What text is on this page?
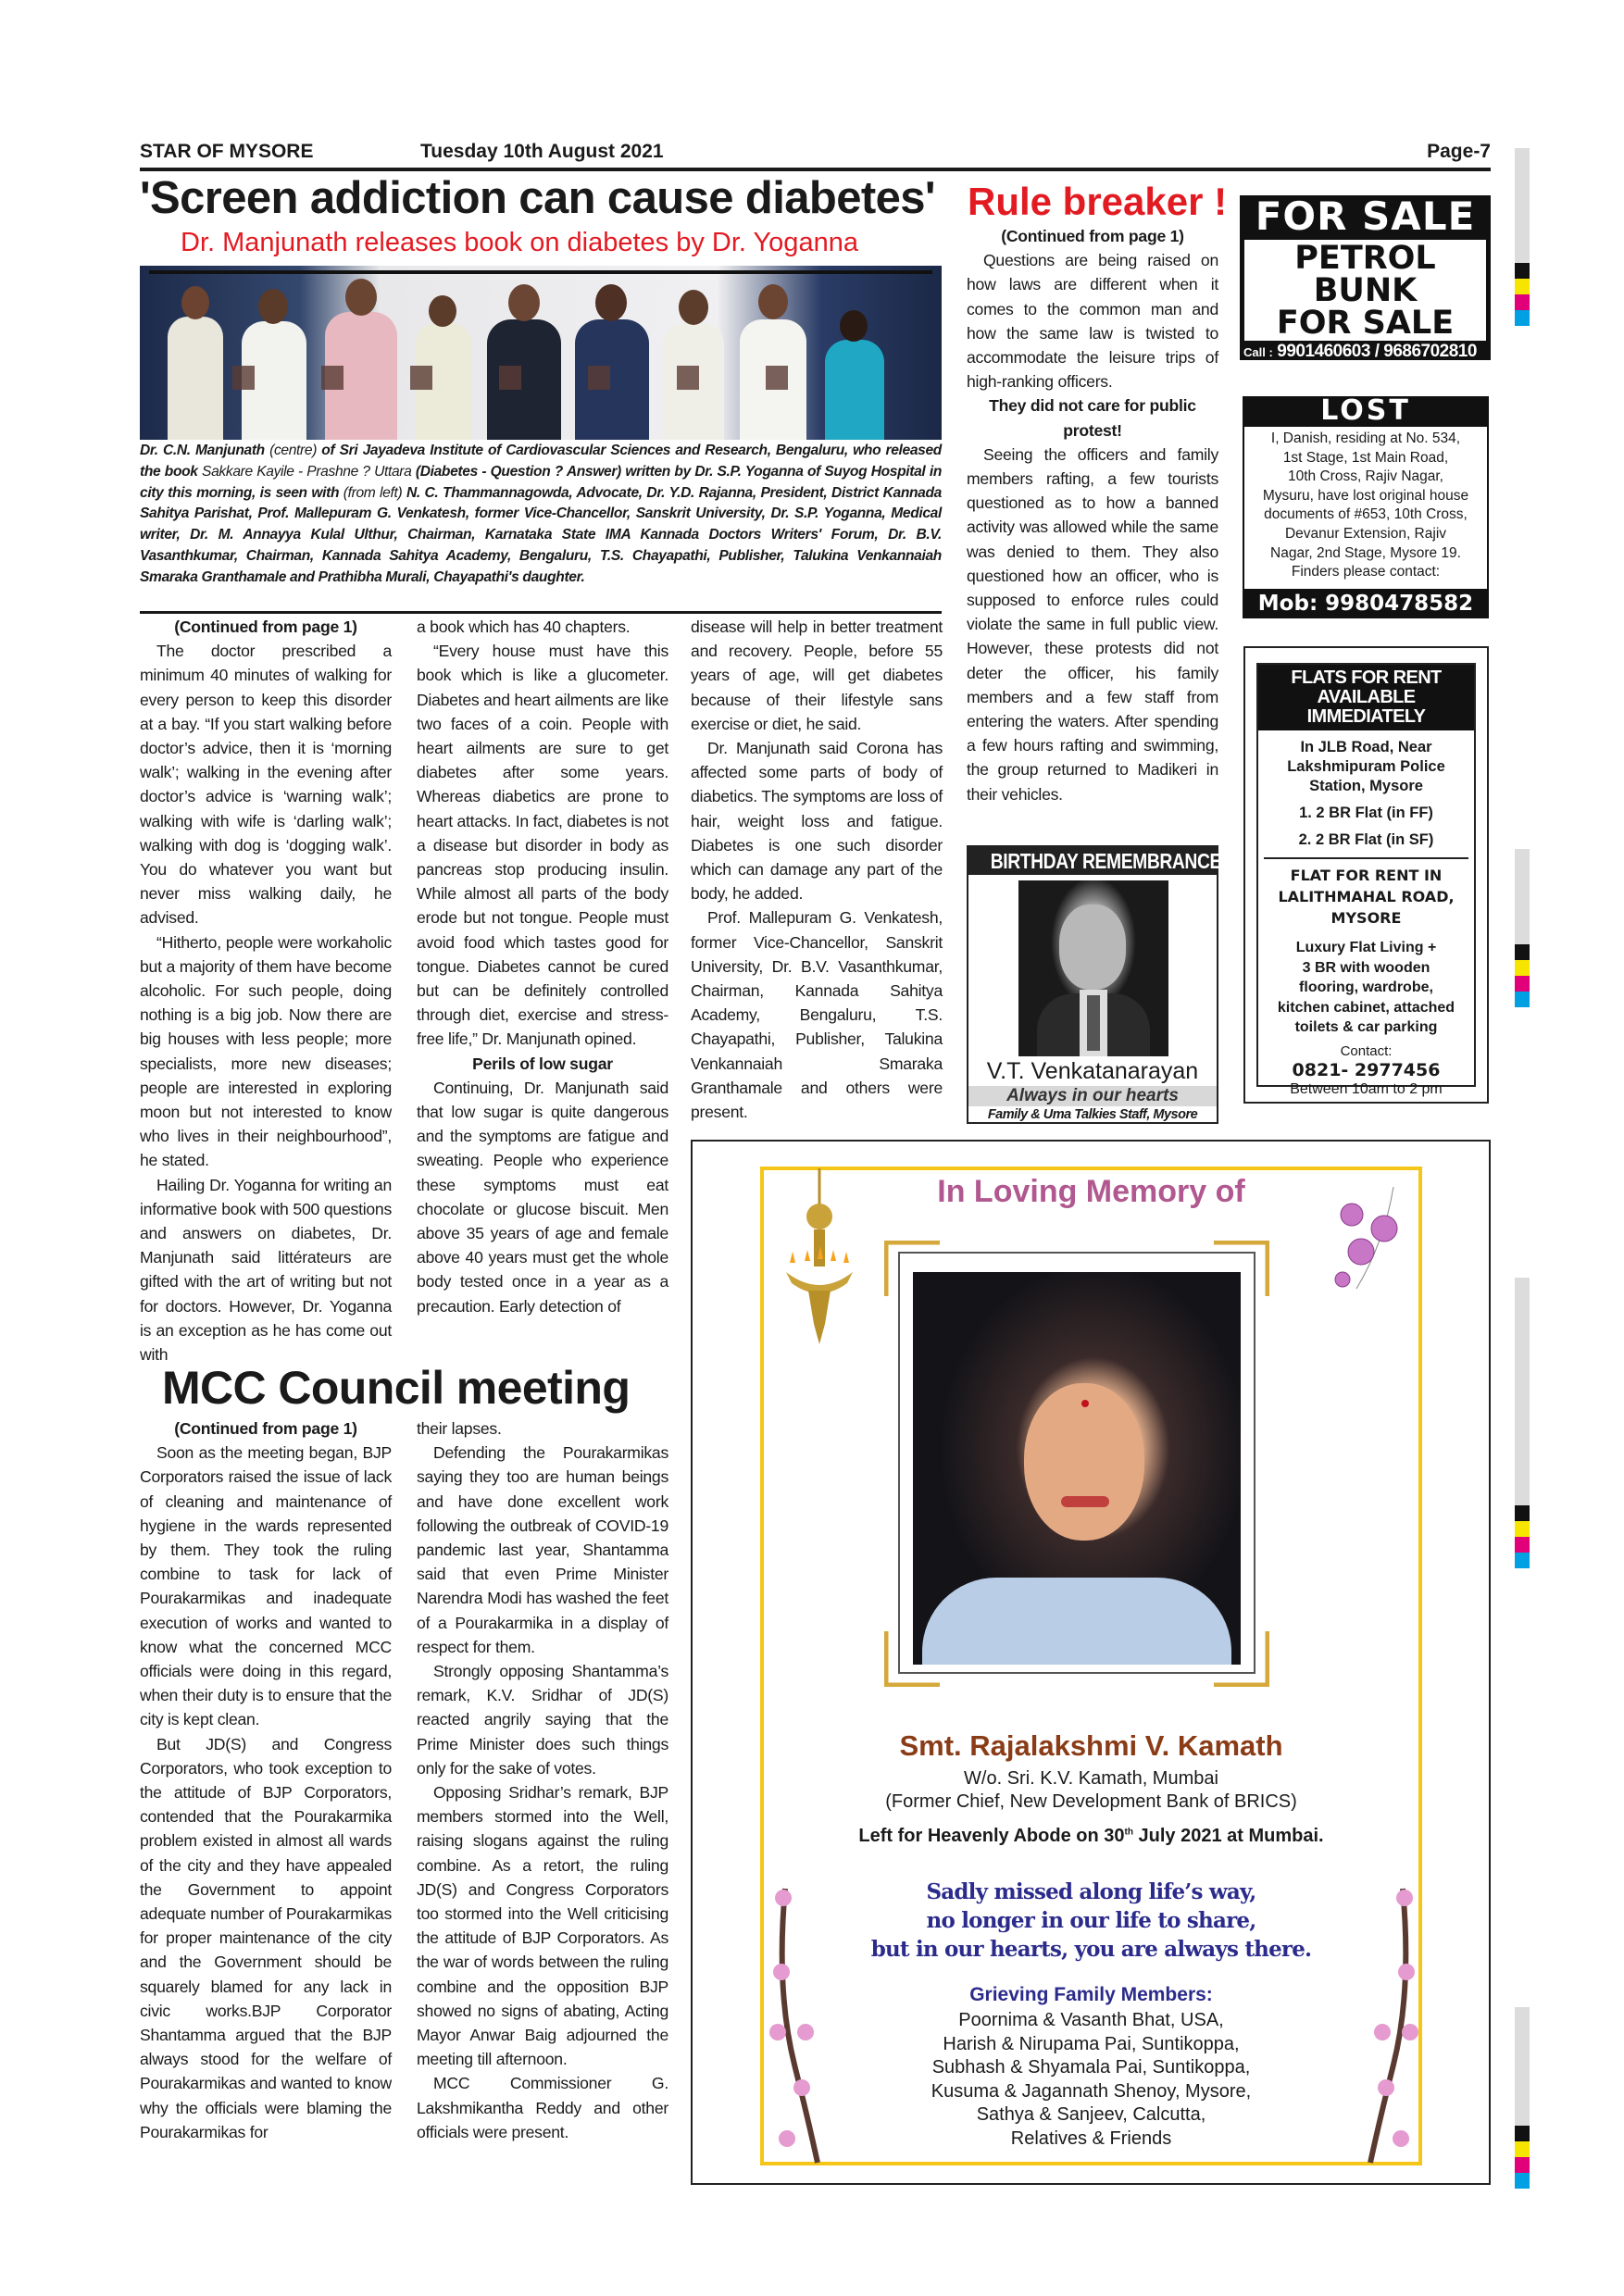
STAR OF MYSORE	Tuesday 10th August 2021	Page-7
'Screen addiction can cause diabetes'
Dr. Manjunath releases book on diabetes by Dr. Yoganna
Dr. C.N. Manjunath (centre) of Sri Jayadeva Institute of Cardiovascular Sciences and Research, Bengaluru, who released the book Sakkare Kayile - Prashne ? Uttara (Diabetes - Question ? Answer) written by Dr. S.P. Yoganna of Suyog Hospital in city this morning, is seen with (from left) N. C. Thammannagowda, Advocate, Dr. Y.D. Rajanna, President, District Kannada Sahitya Parishat, Prof. Mallepuram G. Venkatesh, former Vice-Chancellor, Sanskrit University, Dr. S.P. Yoganna, Medical writer, Dr. M. Annayya Kulal Ulthur, Chairman, Karnataka State IMA Kannada Doctors Writers' Forum, Dr. B.V. Vasanthkumar, Chairman, Kannada Sahitya Academy, Bengaluru, T.S. Chayapathi, Publisher, Talukina Venkannaiah Smaraka Granthamale and Prathibha Murali, Chayapathi's daughter.

(Continued from page 1)

The doctor prescribed a minimum 40 minutes of walking for every person to keep this disorder at a bay. “If you start walking before doctor’s advice, then it is ‘morning walk’; walking in the evening after doctor’s advice is ‘warning walk’; walking with wife is ‘darling walk’; walking with dog is ‘dogging walk’. You do whatever you want but never miss walking daily, he advised.

“Hitherto, people were workaholic but a majority of them have become alcoholic. For such people, doing nothing is a big job. Now there are big houses with less people; more specialists, more new diseases; people are interested in exploring moon but not interested to know who lives in their neighbourhood”, he stated.

Hailing Dr. Yoganna for writing an informative book with 500 questions and answers on diabetes, Dr. Manjunath said littérateurs are gifted with the art of writing but not for doctors. However, Dr. Yoganna is an exception as he has come out with

a book which has 40 chapters.

“Every house must have this book which is like a glucometer. Diabetes and heart ailments are like two faces of a coin. People with heart ailments are sure to get diabetes after some years. Whereas diabetics are prone to heart attacks. In fact, diabetes is not a disease but disorder in body as pancreas stop producing insulin. While almost all parts of the body erode but not tongue. People must avoid food which tastes good for tongue. Diabetes cannot be cured but can be definitely controlled through diet, exercise and stress-free life,” Dr. Manjunath opined.

Perils of low sugar

Continuing, Dr. Manjunath said that low sugar is quite dangerous and the symptoms are fatigue and sweating. People who experience these symptoms must eat chocolate or glucose biscuit. Men above 35 years of age and female above 40 years must get the whole body tested once in a year as a precaution. Early detection of

disease will help in better treatment and recovery. People, before 55 years of age, will get diabetes because of their lifestyle sans exercise or diet, he said.

Dr. Manjunath said Corona has affected some parts of body of diabetics. The symptoms are loss of hair, weight loss and fatigue. Diabetes is one such disorder which can damage any part of the body, he added.

Prof. Mallepuram G. Venkatesh, former Vice-Chancellor, Sanskrit University, Dr. B.V. Vasanthkumar, Chairman, Kannada Sahitya Academy, Bengaluru, T.S. Chayapathi, Publisher, Talukina Venkannaiah Smaraka Granthamale and others were present.

MCC Council meeting

(Continued from page 1)

Soon as the meeting began, BJP Corporators raised the issue of lack of cleaning and maintenance of hygiene in the wards represented by them. They took the ruling combine to task for lack of Pourakarmikas and inadequate execution of works and wanted to know what the concerned MCC officials were doing in this regard, when their duty is to ensure that the city is kept clean.

But JD(S) and Congress Corporators, who took exception to the attitude of BJP Corporators, contended that the Pourakarmika problem existed in almost all wards of the city and they have appealed the Government to appoint adequate number of Pourakarmikas for proper maintenance of the city and the Government should be squarely blamed for any lack in civic works.BJP Corporator Shantamma argued that the BJP always stood for the welfare of Pourakarmikas and wanted to know why the officials were blaming the Pourakarmikas for

their lapses.

Defending the Pourakarmikas saying they too are human beings and have done excellent work following the outbreak of COVID-19 pandemic last year, Shantamma said that even Prime Minister Narendra Modi has washed the feet of a Pourakarmika in a display of respect for them.

Strongly opposing Shantamma’s remark, K.V. Sridhar of JD(S) reacted angrily saying that the Prime Minister does such things only for the sake of votes.

Opposing Sridhar’s remark, BJP members stormed into the Well, raising slogans against the ruling combine. As a retort, the ruling JD(S) and Congress Corporators too stormed into the Well criticising the attitude of BJP Corporators. As the war of words between the ruling combine and the opposition BJP showed no signs of abating, Acting Mayor Anwar Baig adjourned the meeting till afternoon.

MCC Commissioner G. Lakshmikantha Reddy and other officials were present.

Rule breaker !

(Continued from page 1)

Questions are being raised on how laws are different when it comes to the common man and how the same law is twisted to accommodate the leisure trips of high-ranking officers.

They did not care for public protest!

Seeing the officers and family members rafting, a few tourists questioned as to how a banned activity was allowed while the same was denied to them. They also questioned how an officer, who is supposed to enforce rules could violate the same in full public view. However, these protests did not deter the officer, his family members and a few staff from entering the waters. After spending a few hours rafting and swimming, the group returned to Madikeri in their vehicles.

BIRTHDAY REMEMBRANCE
V.T. Venkatanarayan
Always in our hearts
Family & Uma Talkies Staff, Mysore
FOR SALE
PETROL
BUNK
FOR SALE
Call : 9901460603 / 9686702810
LOST
I, Danish, residing at No. 534,
1st Stage, 1st Main Road,
10th Cross, Rajiv Nagar,
Mysuru, have lost original house
documents of #653, 10th Cross,
Devanur Extension, Rajiv
Nagar, 2nd Stage, Mysore 19.
Finders please contact:
Mob: 9980478582
FLATS FOR RENT
AVAILABLE IMMEDIATELY
In JLB Road, Near
Lakshmipuram Police
Station, Mysore
1. 2 BR Flat (in FF)
2. 2 BR Flat (in SF)
FLAT FOR RENT IN
LALITHMAHAL ROAD,
MYSORE
Luxury Flat Living +
3 BR with wooden
flooring, wardrobe,
kitchen cabinet, attached
toilets & car parking
Contact:
0821- 2977456
Between 10am to 2 pm
In Loving Memory of
Smt. Rajalakshmi V. Kamath
W/o. Sri. K.V. Kamath, Mumbai
(Former Chief, New Development Bank of BRICS)
Left for Heavenly Abode on 30th July 2021 at Mumbai.
Sadly missed along life’s way,
no longer in our life to share,
but in our hearts, you are always there.
Grieving Family Members:
Poornima & Vasanth Bhat, USA,
Harish & Nirupama Pai, Suntikoppa,
Subhash & Shyamala Pai, Suntikoppa,
Kusuma & Jagannath Shenoy, Mysore,
Sathya & Sanjeev, Calcutta,
Relatives & Friends
